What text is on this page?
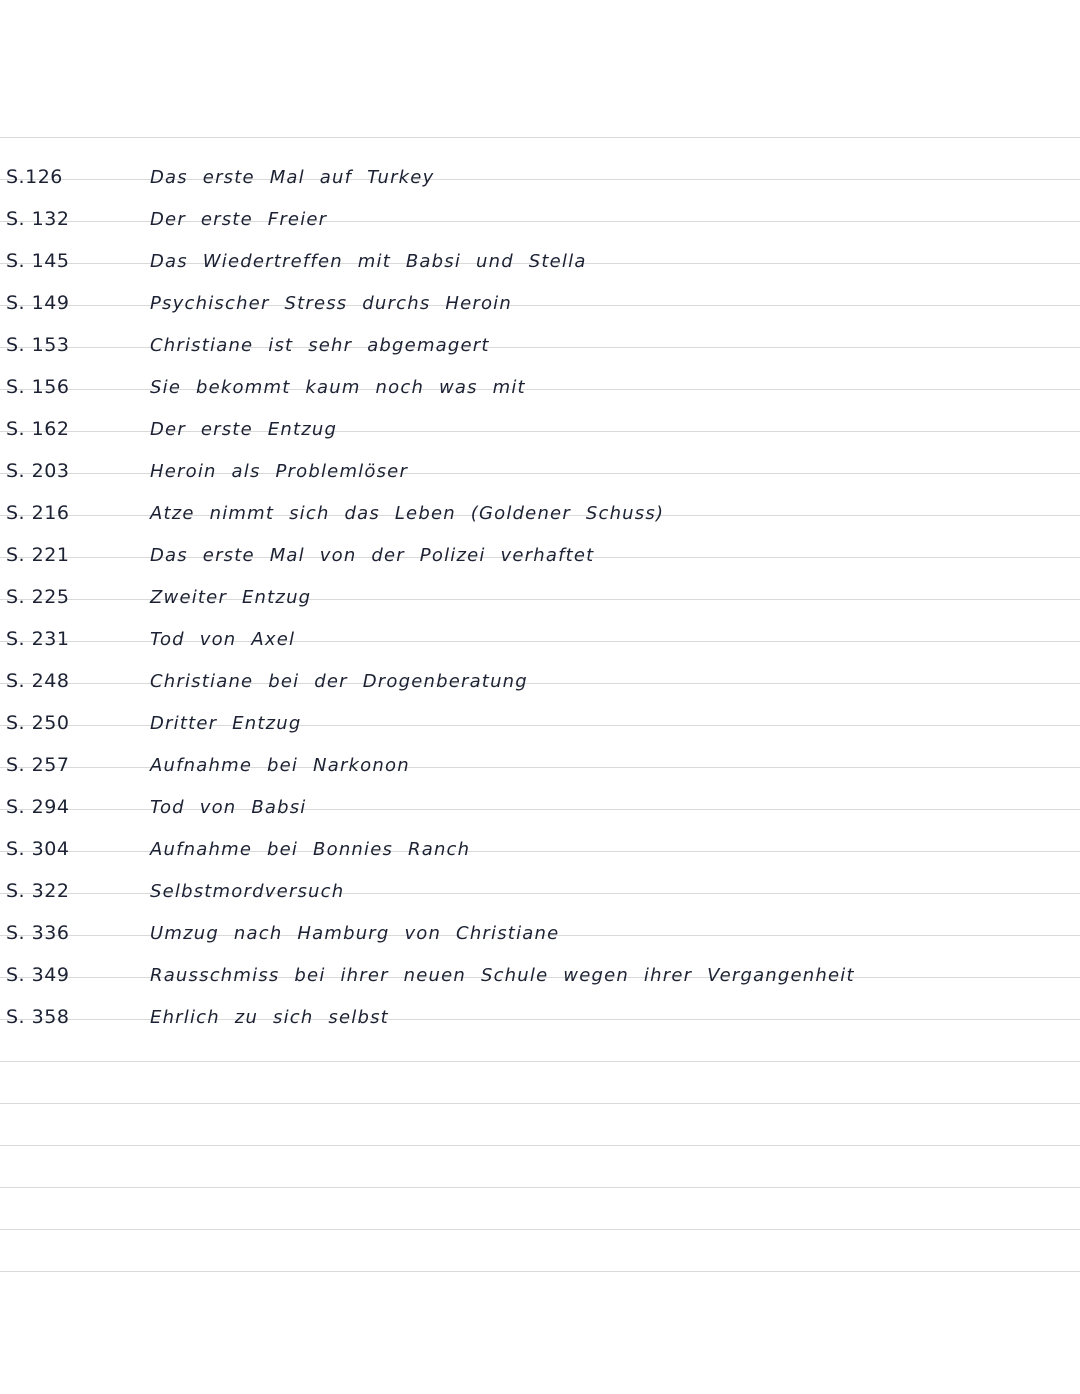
S.126	Das erste Mal auf Turkey
S. 132	Der erste Freier
S. 145	Das Wiedertreffen mit Babsi und Stella
S. 149	Psychischer Stress durchs Heroin
S. 153	Christiane ist sehr abgemagert
S. 156	Sie bekommt kaum noch was mit
S. 162	Der erste Entzug
S. 203	Heroin als Problemlöser
S. 216	Atze nimmt sich das Leben (Goldener Schuss)
S. 221	Das erste Mal von der Polizei verhaftet
S. 225	Zweiter Entzug
S. 231	Tod von Axel
S. 248	Christiane bei der Drogenberatung
S. 250	Dritter Entzug
S. 257	Aufnahme bei Narkonon
S. 294	Tod von Babsi
S. 304	Aufnahme bei Bonnies Ranch
S. 322	Selbstmordversuch
S. 336	Umzug nach Hamburg von Christiane
S. 349	Rausschmiss bei ihrer neuen Schule wegen ihrer Vergangenheit
S. 358	Ehrlich zu sich selbst
